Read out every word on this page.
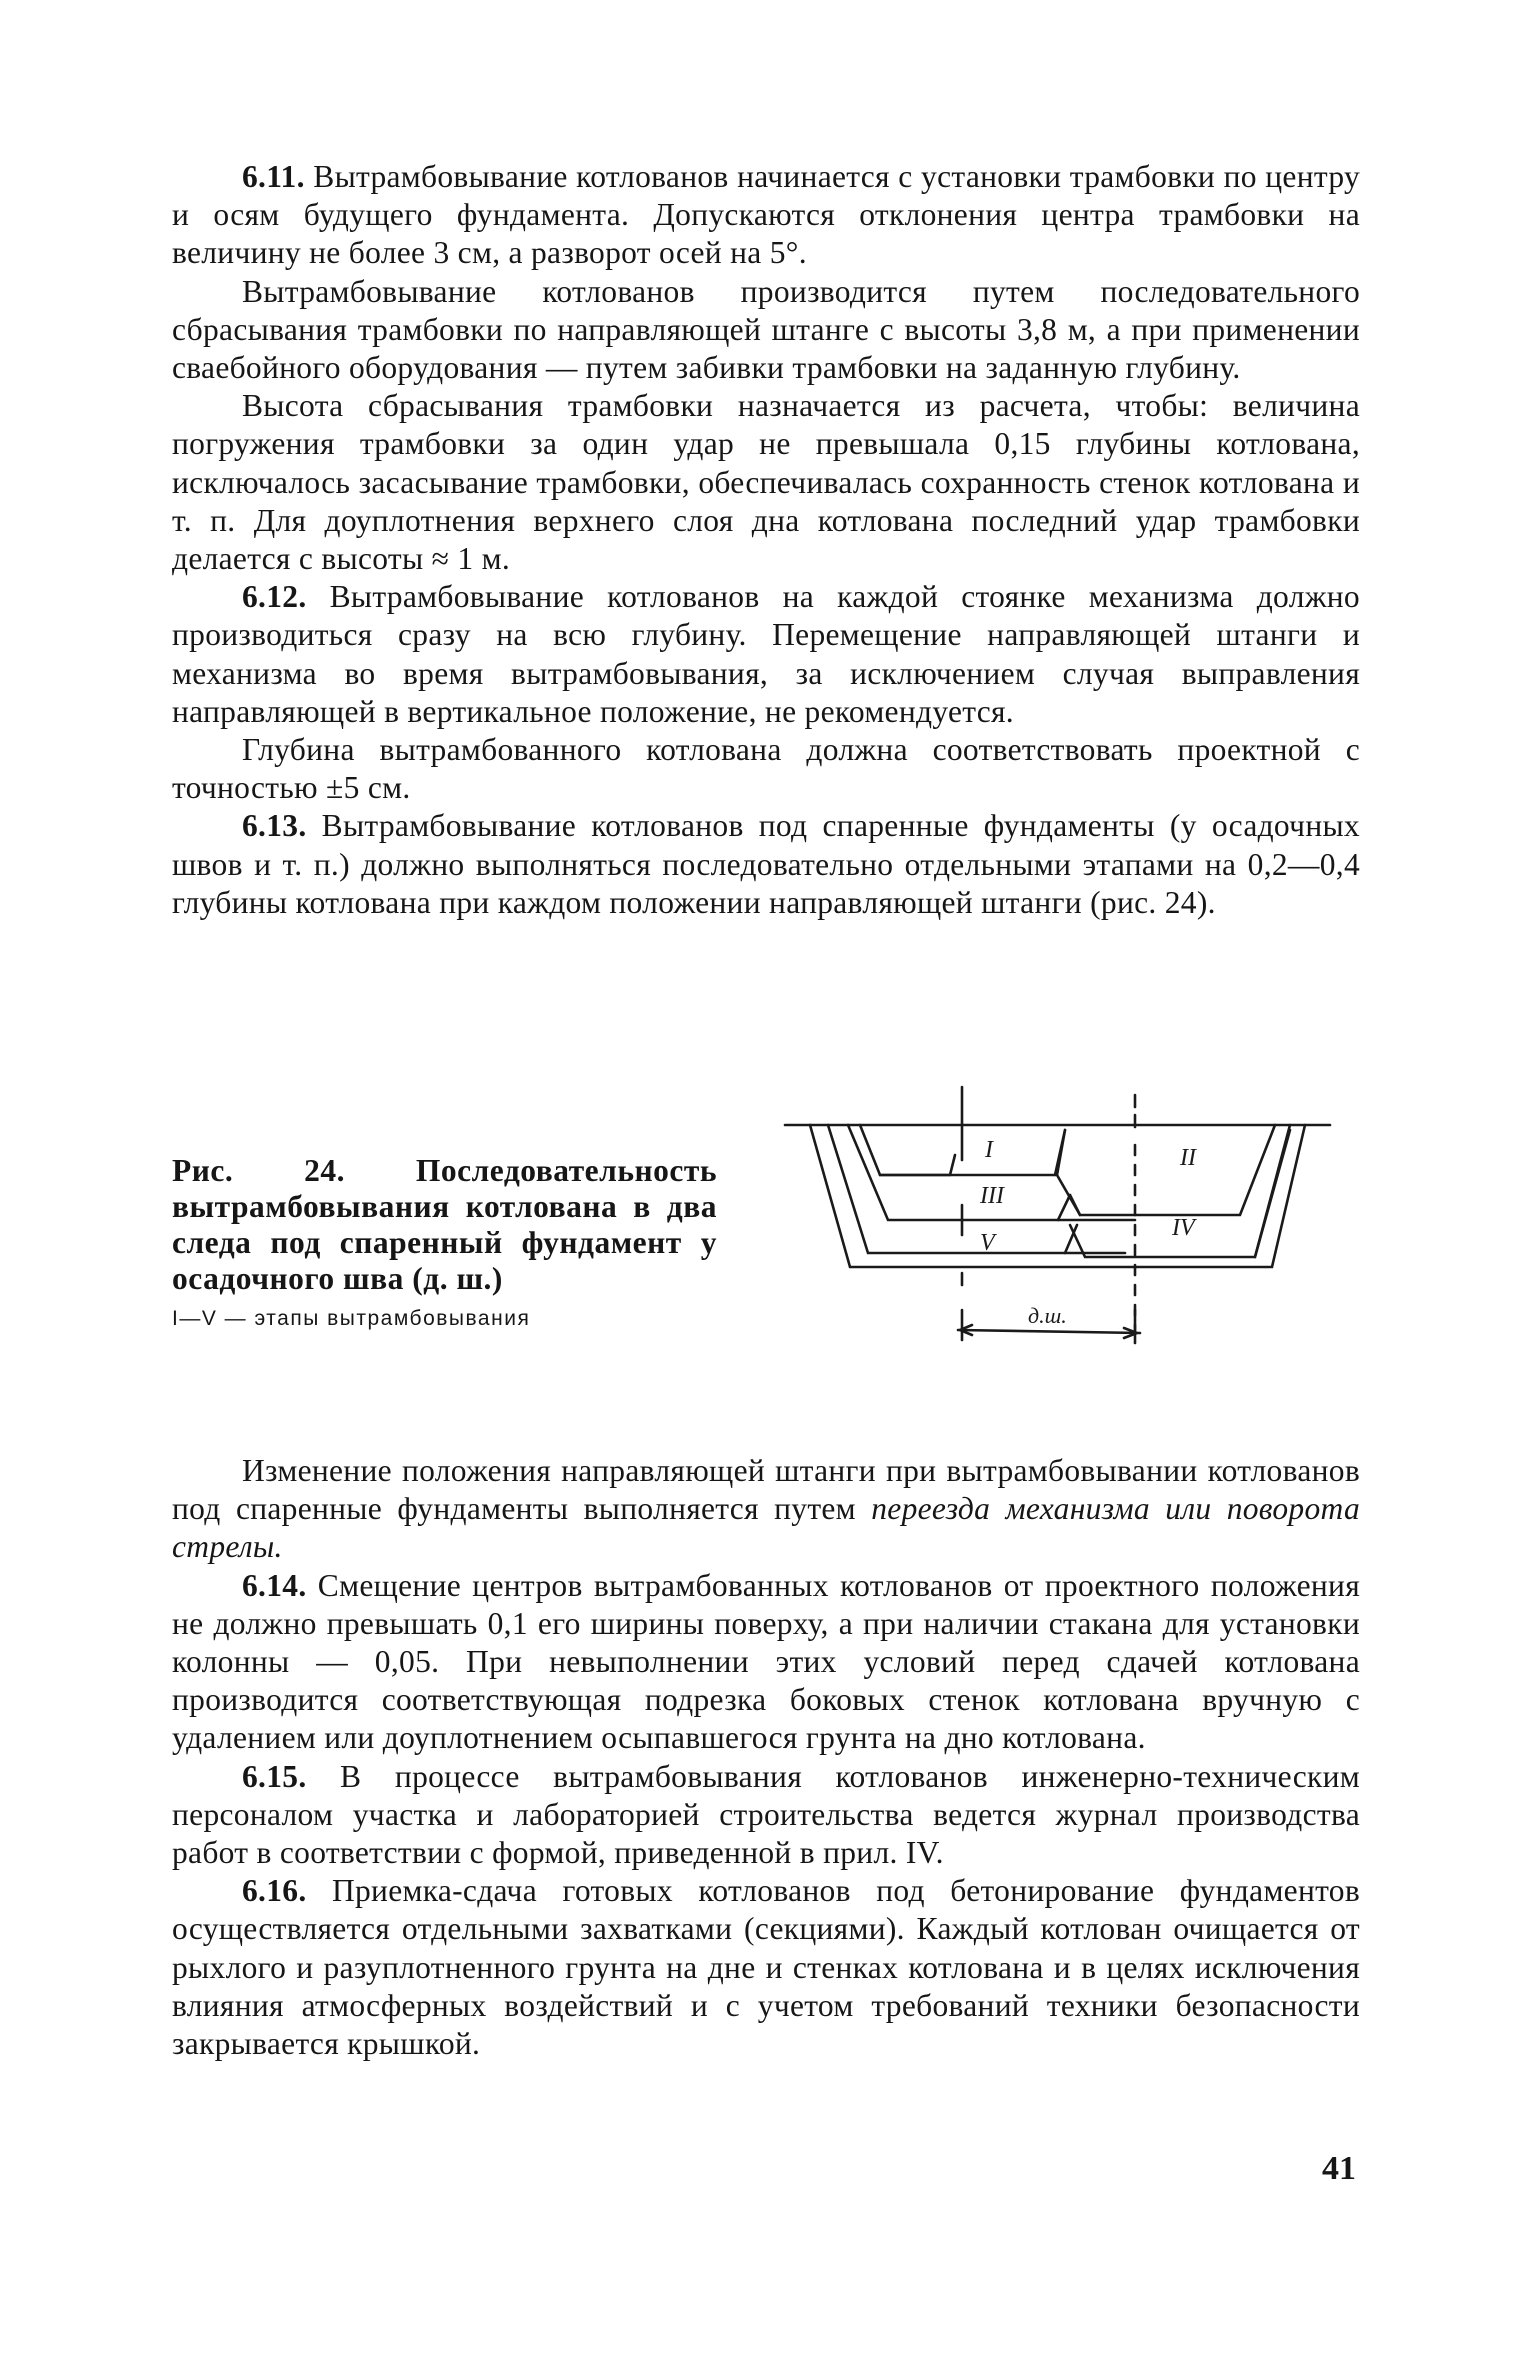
6.11. Вытрамбовывание котлованов начинается с установки трамбовки по центру и осям будущего фундамента. Допускаются отклонения центра трамбовки на величину не более 3 см, а разворот осей на 5°.

Вытрамбовывание котлованов производится путем последовательного сбрасывания трамбовки по направляющей штанге с высоты 3,8 м, а при применении сваебойного оборудования — путем забивки трамбовки на заданную глубину.

Высота сбрасывания трамбовки назначается из расчета, чтобы: величина погружения трамбовки за один удар не превышала 0,15 глубины котлована, исключалось засасывание трамбовки, обеспечивалась сохранность стенок котлована и т. п. Для доуплотнения верхнего слоя дна котлована последний удар трамбовки делается с высоты ≈ 1 м.

6.12. Вытрамбовывание котлованов на каждой стоянке механизма должно производиться сразу на всю глубину. Перемещение направляющей штанги и механизма во время вытрамбовывания, за исключением случая выправления направляющей в вертикальное положение, не рекомендуется.

Глубина вытрамбованного котлована должна соответствовать проектной с точностью ±5 см.

6.13. Вытрамбовывание котлованов под спаренные фундаменты (у осадочных швов и т. п.) должно выполняться последовательно отдельными этапами на 0,2—0,4 глубины котлована при каждом положении направляющей штанги (рис. 24).

Рис. 24. Последовательность вытрамбовывания котлована в два следа под спаренный фундамент у осадочного шва (д. ш.)

I—V — этапы вытрамбовывания
I	II
III
IV
V
д.ш.

Изменение положения направляющей штанги при вытрамбовывании котлованов под спаренные фундаменты выполняется путем переезда механизма или поворота стрелы.

6.14. Смещение центров вытрамбованных котлованов от проектного положения не должно превышать 0,1 его ширины поверху, а при наличии стакана для установки колонны — 0,05. При невыполнении этих условий перед сдачей котлована производится соответствующая подрезка боковых стенок котлована вручную с удалением или доуплотнением осыпавшегося грунта на дно котлована.

6.15. В процессе вытрамбовывания котлованов инженерно-техническим персоналом участка и лабораторией строительства ведется журнал производства работ в соответствии с формой, приведенной в прил. IV.

6.16. Приемка-сдача готовых котлованов под бетонирование фундаментов осуществляется отдельными захватками (секциями). Каждый котлован очищается от рыхлого и разуплотненного грунта на дне и стенках котлована и в целях исключения влияния атмосферных воздействий и с учетом требований техники безопасности закрывается крышкой.

41
